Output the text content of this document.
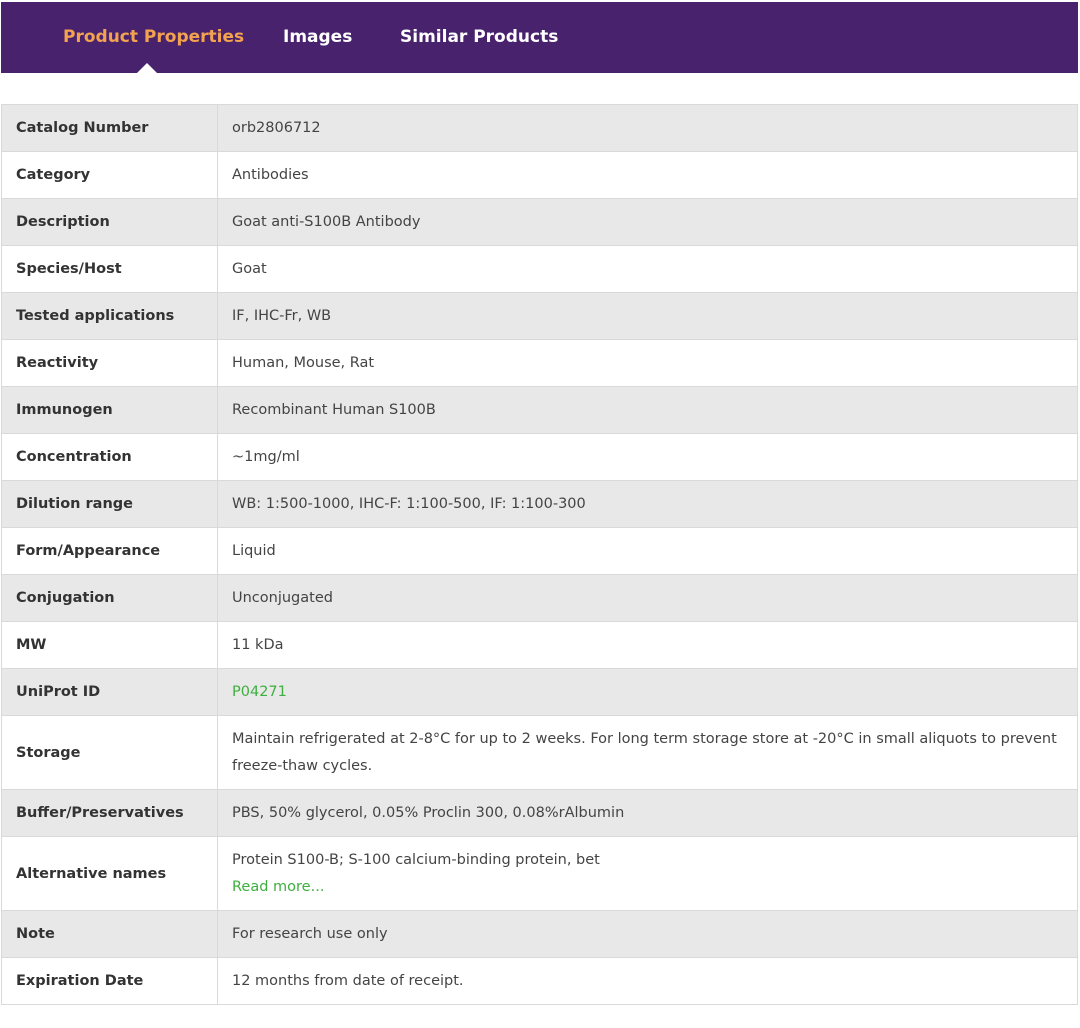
Product Properties Images	Similar Products
Catalog Number	orb2806712
Category	Antibodies
Description	Goat anti-S100B Antibody
Species/Host	Goat
Tested applications	IF, IHC-Fr, WB
Reactivity	Human, Mouse, Rat
Immunogen	Recombinant Human S100B
Concentration	~1mg/ml
Dilution range	WB: 1:500-1000, IHC-F: 1:100-500, IF: 1:100-300
Form/Appearance	Liquid
Conjugation	Unconjugated
MW	11 kDa
UniProt ID	P04271
Storage	Maintain refrigerated at 2-8°C for up to 2 weeks. For long term storage store at -20°C in small aliquots to prevent freeze-thaw cycles.
Buffer/Preservatives	PBS, 50% glycerol, 0.05% Proclin 300, 0.08%rAlbumin
Alternative names	Protein S100-B; S-100 calcium-binding protein, bet
Read more...

Note	For research use only
Expiration Date	12 months from date of receipt.
